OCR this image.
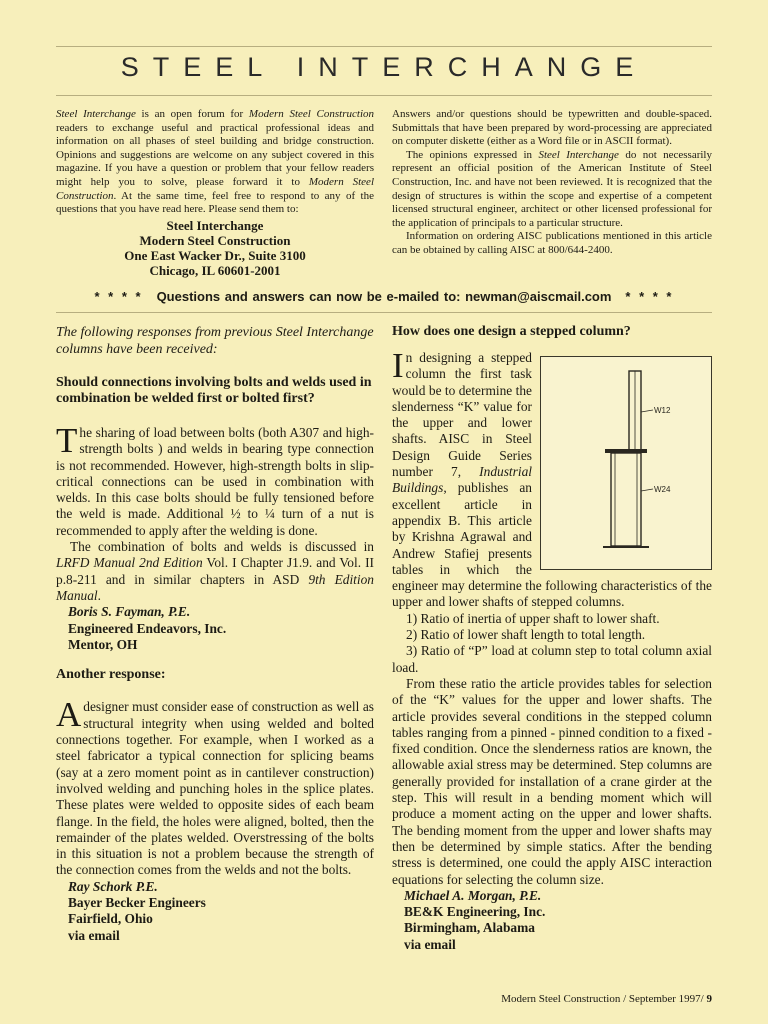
STEEL INTERCHANGE

Steel Interchange is an open forum for Modern Steel Construction readers to exchange useful and practical professional ideas and information on all phases of steel building and bridge construction. Opinions and suggestions are welcome on any subject covered in this magazine. If you have a question or problem that your fellow readers might help you to solve, please forward it to Modern Steel Construction. At the same time, feel free to respond to any of the questions that you have read here. Please send them to:

Steel Interchange
Modern Steel Construction
One East Wacker Dr., Suite 3100
Chicago, IL 60601-2001

Answers and/or questions should be typewritten and double-spaced. Submittals that have been prepared by word-processing are appreciated on computer diskette (either as a Word file or in ASCII format).

The opinions expressed in Steel Interchange do not necessarily represent an official position of the American Institute of Steel Construction, Inc. and have not been reviewed. It is recognized that the design of structures is within the scope and expertise of a competent licensed structural engineer, architect or other licensed professional for the application of principals to a particular structure.

Information on ordering AISC publications mentioned in this article can be obtained by calling AISC at 800/644-2400.

* * * * Questions and answers can now be e-mailed to: newman@aiscmail.com * * * *

The following responses from previous Steel Interchange columns have been received:

Should connections involving bolts and welds used in combination be welded first or bolted first?

The sharing of load between bolts (both A307 and high-strength bolts ) and welds in bearing type connection is not recommended. However, high-strength bolts in slip-critical connections can be used in combination with welds. In this case bolts should be fully tensioned before the weld is made. Additional ½ to ¼ turn of a nut is recommended to apply after the welding is done.

The combination of bolts and welds is discussed in LRFD Manual 2nd Edition Vol. I Chapter J1.9. and Vol. II p.8-211 and in similar chapters in ASD 9th Edition Manual.

Boris S. Fayman, P.E.

Engineered Endeavors, Inc.

Mentor, OH

Another response:

A designer must consider ease of construction as well as structural integrity when using welded and bolted connections together. For example, when I worked as a steel fabricator a typical connection for splicing beams (say at a zero moment point as in cantilever construction) involved welding and punching holes in the splice plates. These plates were welded to opposite sides of each beam flange. In the field, the holes were aligned, bolted, then the remainder of the plates welded. Overstressing of the bolts in this situation is not a problem because the strength of the connection comes from the welds and not the bolts.

Ray Schork P.E.

Bayer Becker Engineers

Fairfield, Ohio

via email

How does one design a stepped column?

W12
W24

In designing a stepped column the first task would be to determine the slenderness “K” value for the upper and lower shafts. AISC in Steel Design Guide Series number 7, Industrial Buildings, publishes an excellent article in appendix B. This article by Krishna Agrawal and Andrew Stafiej presents tables in which the engineer may determine the following characteristics of the upper and lower shafts of stepped columns.

1) Ratio of inertia of upper shaft to lower shaft.

2) Ratio of lower shaft length to total length.

3) Ratio of “P” load at column step to total column axial load.

From these ratio the article provides tables for selection of the “K” values for the upper and lower shafts. The article provides several conditions in the stepped column tables ranging from a pinned - pinned condition to a fixed -fixed condition. Once the slenderness ratios are known, the allowable axial stress may be determined. Step columns are generally provided for installation of a crane girder at the step. This will result in a bending moment which will produce a moment acting on the upper and lower shafts. The bending moment from the upper and lower shafts may then be determined by simple statics. After the bending stress is determined, one could the apply AISC interaction equations for selecting the column size.

Michael A. Morgan, P.E.

BE&K Engineering, Inc.

Birmingham, Alabama

via email

Modern Steel Construction / September 1997/ 9
